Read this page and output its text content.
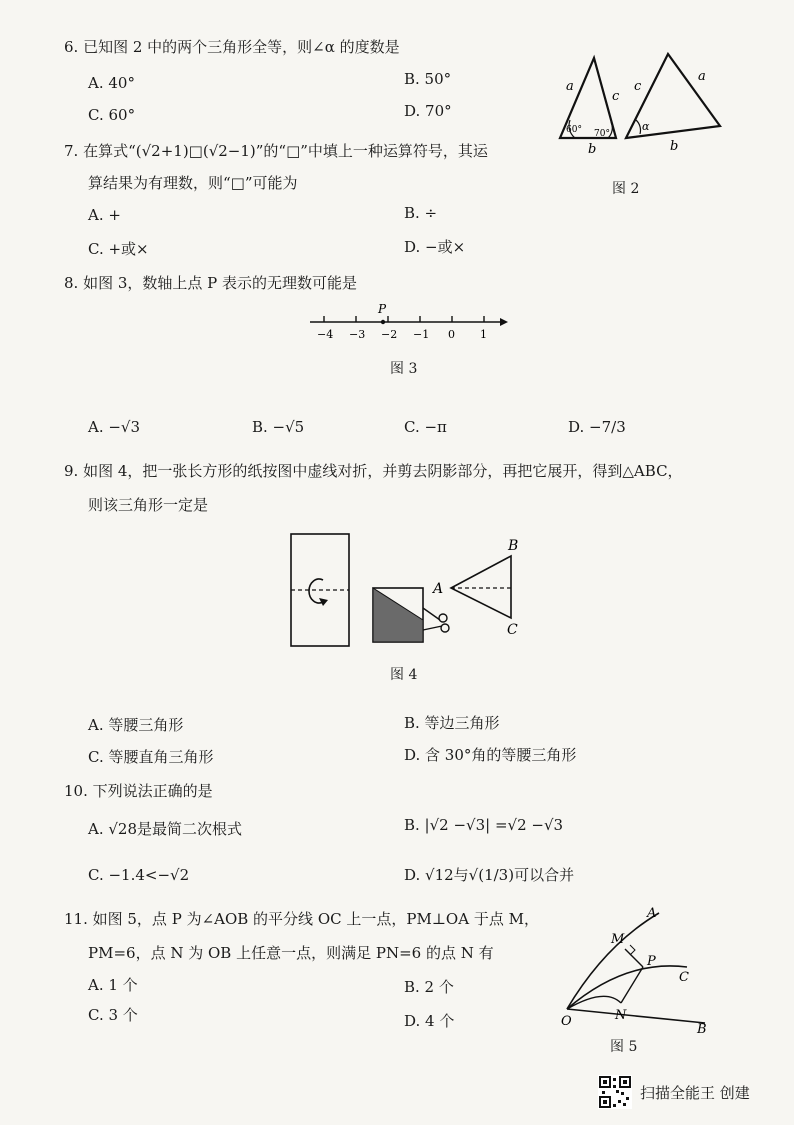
6. 已知图 2 中的两个三角形全等，则∠α 的度数是
A. 40°	B. 50°
C. 60°	D. 70°
a
c
b
60° 70°
c
a
b
α
图 2
7. 在算式“(√2+1)□(√2−1)”的“□”中填上一种运算符号，其运
算结果为有理数，则“□”可能为
A. +	B. ÷
C. +或×	D. −或×
8. 如图 3，数轴上点 P 表示的无理数可能是
P
−4 −3 −2 −1 0 1
图 3
A. −√3	B. −√5	C. −π	D. −7/3
9. 如图 4，把一张长方形的纸按图中虚线对折，并剪去阴影部分，再把它展开，得到△ABC，
则该三角形一定是
A
B
C
图 4
A. 等腰三角形	B. 等边三角形
C. 等腰直角三角形	D. 含 30°角的等腰三角形
10. 下列说法正确的是
A. √28是最简二次根式	B. |√2 −√3| =√2 −√3
C. −1.4<−√2	D. √12与√(1/3)可以合并
11. 如图 5，点 P 为∠AOB 的平分线 OC 上一点，PM⊥OA 于点 M，
PM=6，点 N 为 OB 上任意一点，则满足 PN=6 的点 N 有
A. 1 个	B. 2 个
C. 3 个	D. 4 个
A
M
P
C
O	N
B
图 5
扫描全能王 创建
